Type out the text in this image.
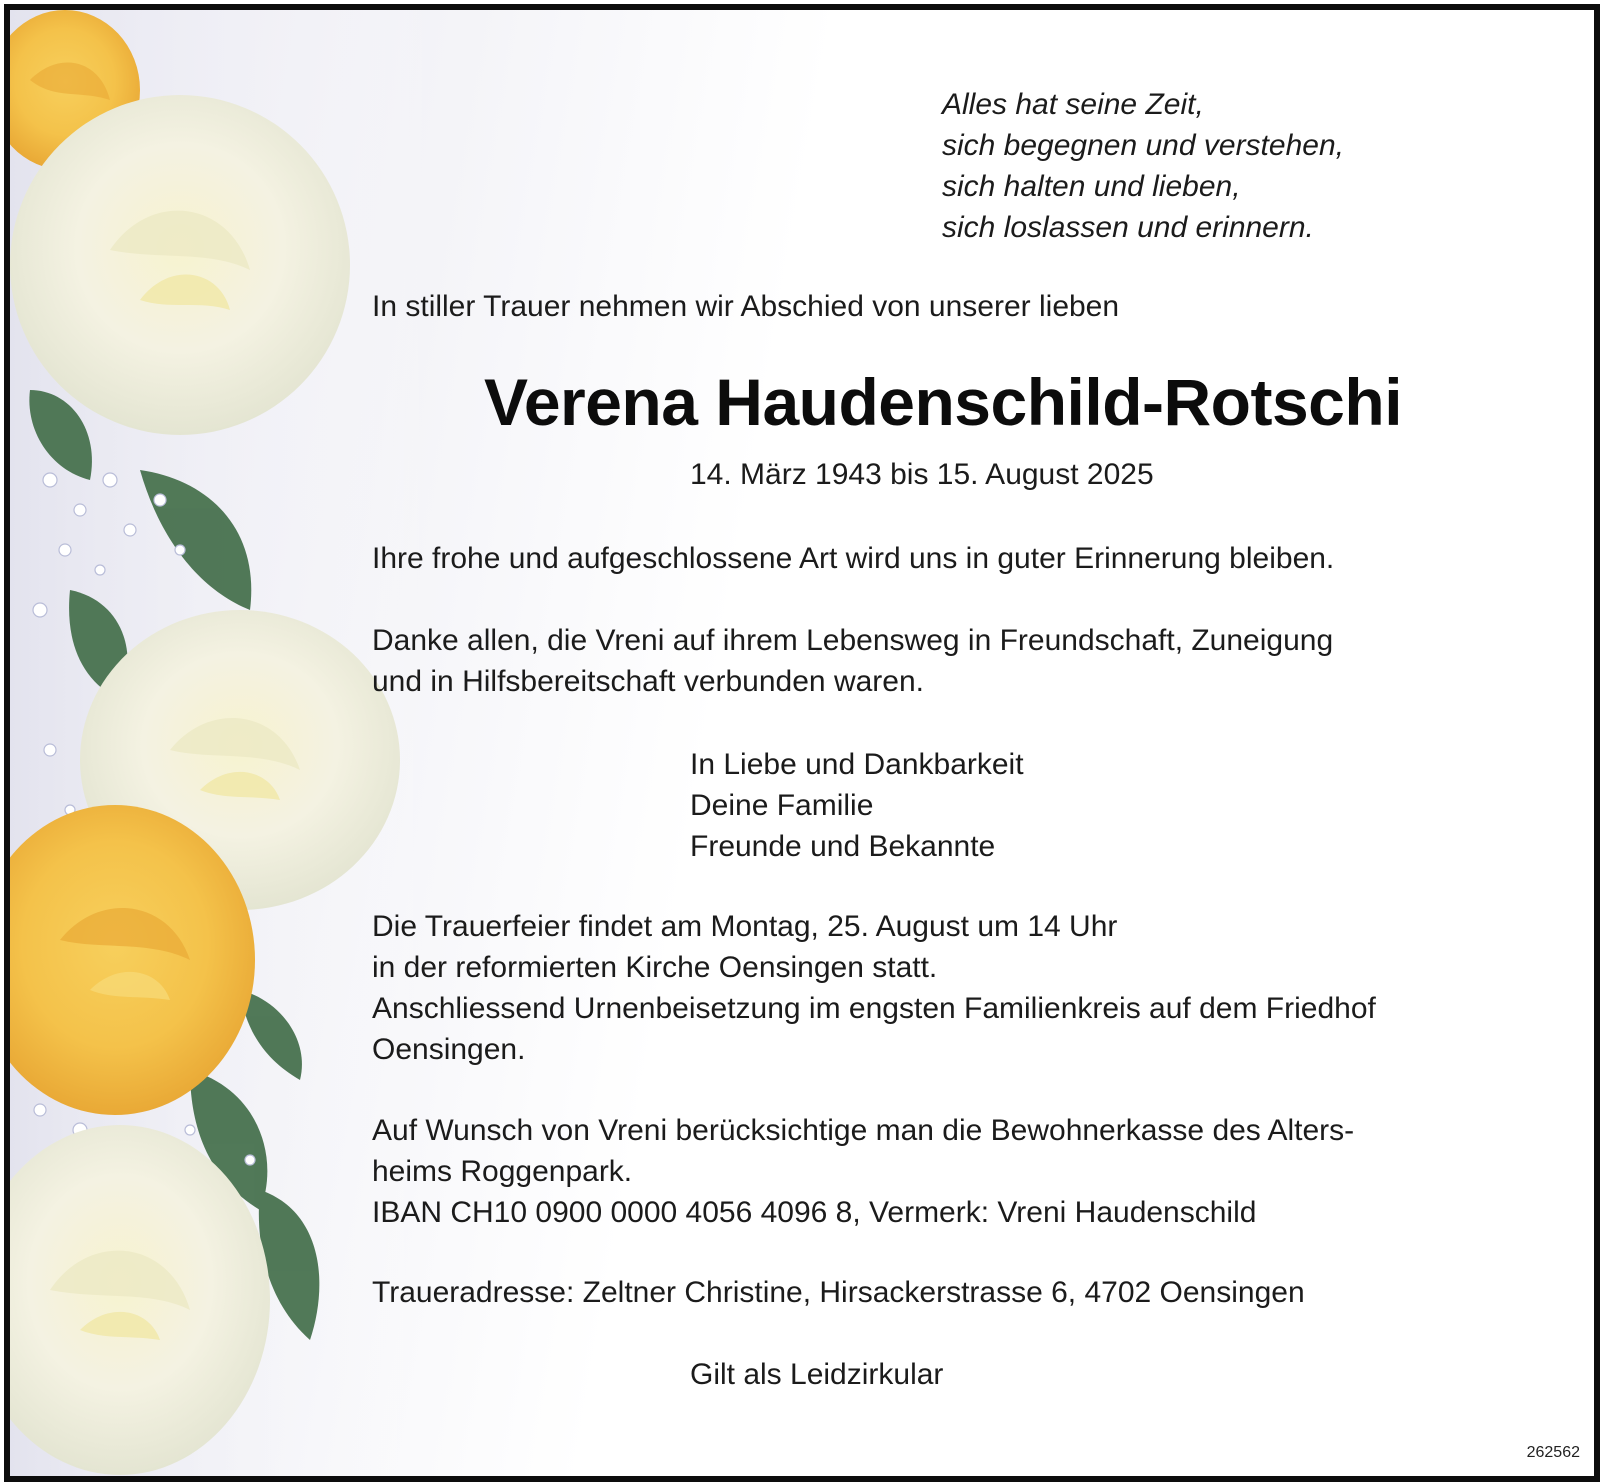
Alles hat seine Zeit,
sich begegnen und verstehen,
sich halten und lieben,
sich loslassen und erinnern.

In stiller Trauer nehmen wir Abschied von unserer lieben

Verena Haudenschild-Rotschi

14. März 1943 bis 15. August 2025

Ihre frohe und aufgeschlossene Art wird uns in guter Erinnerung bleiben.

Danke allen, die Vreni auf ihrem Lebensweg in Freundschaft, Zuneigung
und in Hilfsbereitschaft verbunden waren.
In Liebe und Dankbarkeit
Deine Familie
Freunde und Bekannte
Die Trauerfeier findet am Montag, 25. August um 14 Uhr
in der reformierten Kirche Oensingen statt.
Anschliessend Urnenbeisetzung im engsten Familienkreis auf dem Friedhof
Oensingen.
Auf Wunsch von Vreni berücksichtige man die Bewohnerkasse des Alters-
heims Roggenpark.
IBAN CH10 0900 0000 4056 4096 8, Vermerk: Vreni Haudenschild

Traueradresse: Zeltner Christine, Hirsackerstrasse 6, 4702 Oensingen

Gilt als Leidzirkular

262562
